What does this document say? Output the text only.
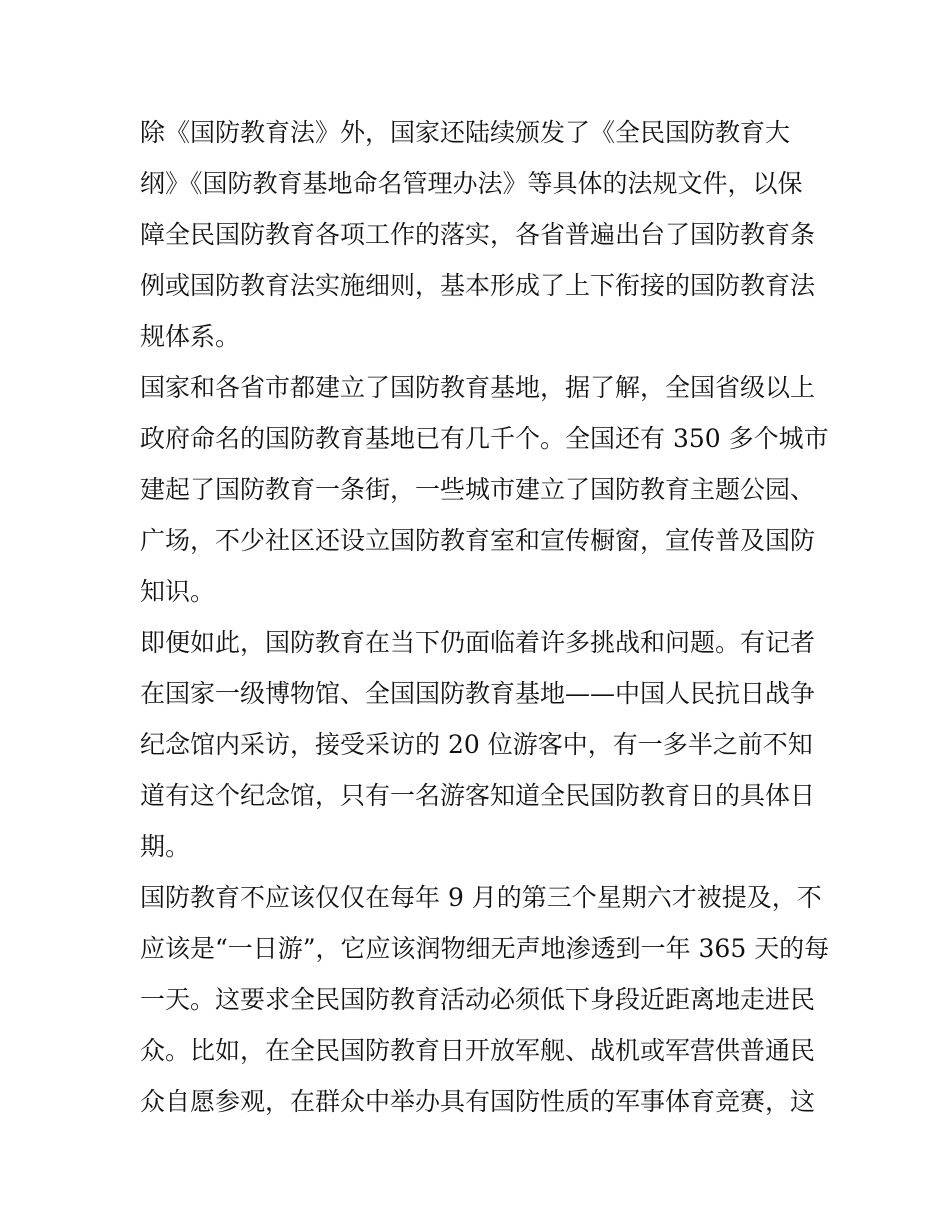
除《国防教育法》外，国家还陆续颁发了《全民国防教育大
纲》《国防教育基地命名管理办法》等具体的法规文件，以保
障全民国防教育各项工作的落实，各省普遍出台了国防教育条
例或国防教育法实施细则，基本形成了上下衔接的国防教育法
规体系。
国家和各省市都建立了国防教育基地，据了解，全国省级以上
政府命名的国防教育基地已有几千个。全国还有 350 多个城市
建起了国防教育一条街，一些城市建立了国防教育主题公园、
广场，不少社区还设立国防教育室和宣传橱窗，宣传普及国防
知识。
即便如此，国防教育在当下仍面临着许多挑战和问题。有记者
在国家一级博物馆、全国国防教育基地——中国人民抗日战争
纪念馆内采访，接受采访的 20 位游客中，有一多半之前不知
道有这个纪念馆，只有一名游客知道全民国防教育日的具体日
期。
国防教育不应该仅仅在每年 9 月的第三个星期六才被提及，不
应该是“一日游”，它应该润物细无声地渗透到一年 365 天的每
一天。这要求全民国防教育活动必须低下身段近距离地走进民
众。比如，在全民国防教育日开放军舰、战机或军营供普通民
众自愿参观，在群众中举办具有国防性质的军事体育竞赛，这
